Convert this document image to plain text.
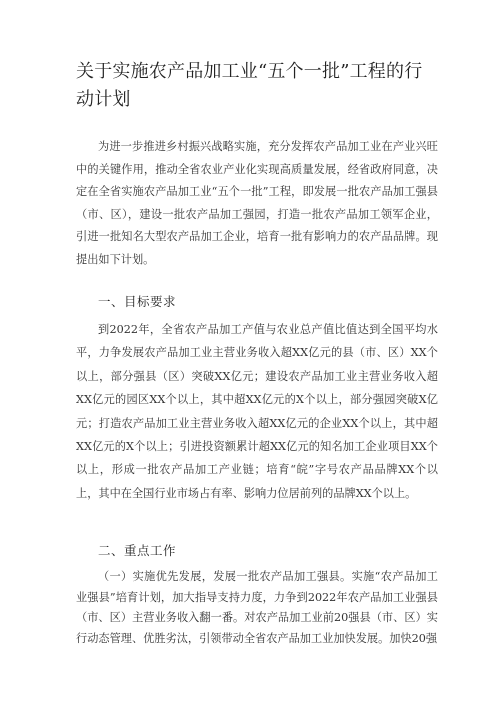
关于实施农产品加工业“五个一批”工程的行动计划
为进一步推进乡村振兴战略实施，充分发挥农产品加工业在产业兴旺中的关键作用，推动全省农业产业化实现高质量发展，经省政府同意，决定在全省实施农产品加工业“五个一批”工程，即发展一批农产品加工强县（市、区），建设一批农产品加工强园，打造一批农产品加工领军企业，引进一批知名大型农产品加工企业，培育一批有影响力的农产品品牌。现提出如下计划。
一、目标要求
到2022年，全省农产品加工产值与农业总产值比值达到全国平均水平，力争发展农产品加工业主营业务收入超XX亿元的县（市、区）XX个以上，部分强县（区）突破XX亿元；建设农产品加工业主营业务收入超XX亿元的园区XX个以上，其中超XX亿元的X个以上，部分强园突破X亿元；打造农产品加工业主营业务收入超XX亿元的企业XX个以上，其中超XX亿元的X个以上；引进投资额累计超XX亿元的知名加工企业项目XX个以上，形成一批农产品加工产业链；培育“皖”字号农产品品牌XX个以上，其中在全国行业市场占有率、影响力位居前列的品牌XX个以上。
二、重点工作
（一）实施优先发展，发展一批农产品加工强县。实施“农产品加工业强县”培育计划，加大指导支持力度，力争到2022年农产品加工业强县（市、区）主营业务收入翻一番。对农产品加工业前20强县（市、区）实行动态管理、优胜劣汰，引领带动全省农产品加工业加快发展。加快20强
